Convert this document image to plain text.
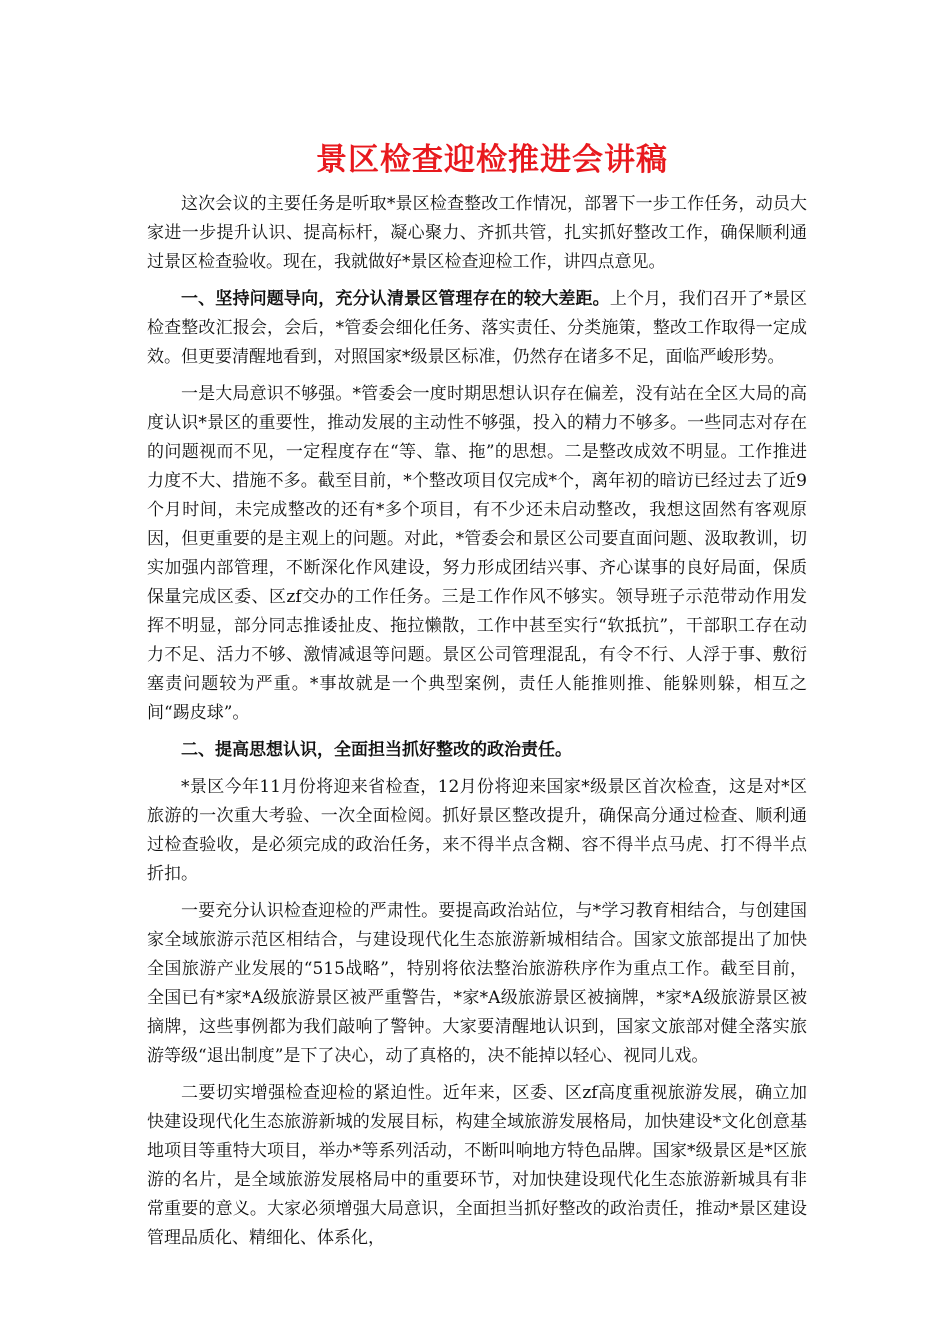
景区检查迎检推进会讲稿

这次会议的主要任务是听取*景区检查整改工作情况，部署下一步工作任务，动员大家进一步提升认识、提高标杆，凝心聚力、齐抓共管，扎实抓好整改工作，确保顺利通过景区检查验收。现在，我就做好*景区检查迎检工作，讲四点意见。

一、坚持问题导向，充分认清景区管理存在的较大差距。上个月，我们召开了*景区检查整改汇报会，会后，*管委会细化任务、落实责任、分类施策，整改工作取得一定成效。但更要清醒地看到，对照国家*级景区标准，仍然存在诸多不足，面临严峻形势。

一是大局意识不够强。*管委会一度时期思想认识存在偏差，没有站在全区大局的高度认识*景区的重要性，推动发展的主动性不够强，投入的精力不够多。一些同志对存在的问题视而不见，一定程度存在“等、靠、拖”的思想。二是整改成效不明显。工作推进力度不大、措施不多。截至目前，*个整改项目仅完成*个，离年初的暗访已经过去了近9个月时间，未完成整改的还有*多个项目，有不少还未启动整改，我想这固然有客观原因，但更重要的是主观上的问题。对此，*管委会和景区公司要直面问题、汲取教训，切实加强内部管理，不断深化作风建设，努力形成团结兴事、齐心谋事的良好局面，保质保量完成区委、区zf交办的工作任务。三是工作作风不够实。领导班子示范带动作用发挥不明显，部分同志推诿扯皮、拖拉懒散，工作中甚至实行“软抵抗”，干部职工存在动力不足、活力不够、激情减退等问题。景区公司管理混乱，有令不行、人浮于事、敷衍塞责问题较为严重。*事故就是一个典型案例，责任人能推则推、能躲则躲，相互之间“踢皮球”。

二、提高思想认识，全面担当抓好整改的政治责任。

*景区今年11月份将迎来省检查，12月份将迎来国家*级景区首次检查，这是对*区旅游的一次重大考验、一次全面检阅。抓好景区整改提升，确保高分通过检查、顺利通过检查验收，是必须完成的政治任务，来不得半点含糊、容不得半点马虎、打不得半点折扣。

一要充分认识检查迎检的严肃性。要提高政治站位，与*学习教育相结合，与创建国家全域旅游示范区相结合，与建设现代化生态旅游新城相结合。国家文旅部提出了加快全国旅游产业发展的“515战略”，特别将依法整治旅游秩序作为重点工作。截至目前，全国已有*家*A级旅游景区被严重警告，*家*A级旅游景区被摘牌，*家*A级旅游景区被摘牌，这些事例都为我们敲响了警钟。大家要清醒地认识到，国家文旅部对健全落实旅游等级“退出制度”是下了决心，动了真格的，决不能掉以轻心、视同儿戏。

二要切实增强检查迎检的紧迫性。近年来，区委、区zf高度重视旅游发展，确立加快建设现代化生态旅游新城的发展目标，构建全域旅游发展格局，加快建设*文化创意基地项目等重特大项目，举办*等系列活动，不断叫响地方特色品牌。国家*级景区是*区旅游的名片，是全域旅游发展格局中的重要环节，对加快建设现代化生态旅游新城具有非常重要的意义。大家必须增强大局意识，全面担当抓好整改的政治责任，推动*景区建设管理品质化、精细化、体系化，
